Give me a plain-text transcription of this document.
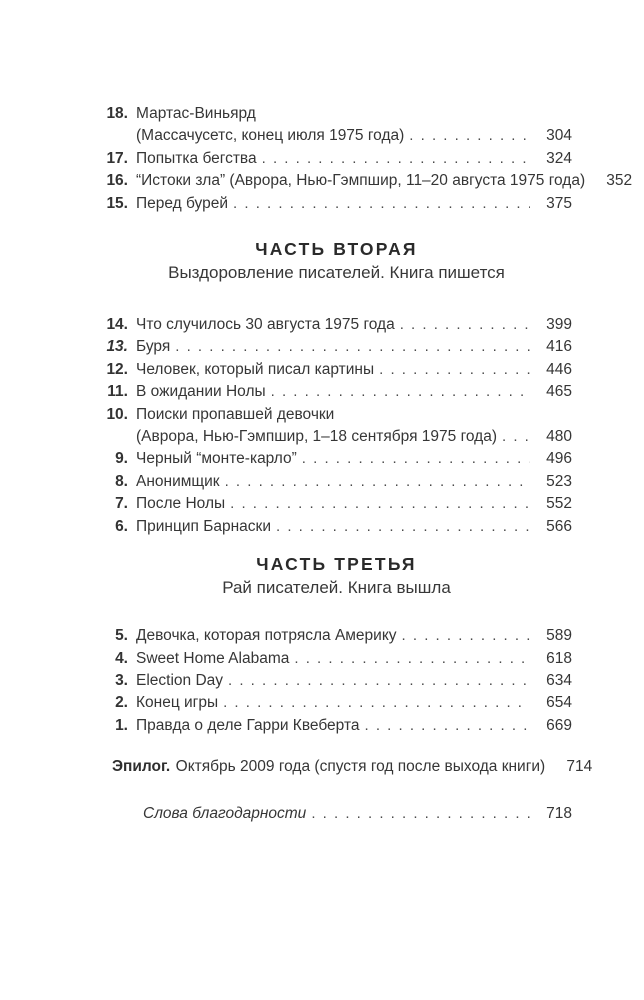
18. Мартас-Виньярд
(Массачусетс, конец июля 1975 года) . . .	304
17. Попытка бегства . . .	324
16. “Истоки зла” (Аврора, Нью-Гэмпшир, 11–20 августа 1975 года)	352
15. Перед бурей . . .	375
ЧАСТЬ ВТОРАЯ
Выздоровление писателей. Книга пишется
14. Что случилось 30 августа 1975 года . . .	399
13. Буря . . .	416
12. Человек, который писал картины . . .	446
11. В ожидании Нолы . . .	465
10. Поиски пропавшей девочки
(Аврора, Нью-Гэмпшир, 1–18 сентября 1975 года) . . .	480
9. Черный “монте-карло” . . .	496
8. Анонимщик . . .	523
7. После Нолы . . .	552
6. Принцип Барнаски . . .	566
ЧАСТЬ ТРЕТЬЯ
Рай писателей. Книга вышла
5. Девочка, которая потрясла Америку . . .	589
4. Sweet Home Alabama . . .	618
3. Election Day . . .	634
2. Конец игры . . .	654
1. Правда о деле Гарри Квеберта . . .	669
Эпилог. Октябрь 2009 года (спустя год после выхода книги)	714
Слова благодарности . . .	718
